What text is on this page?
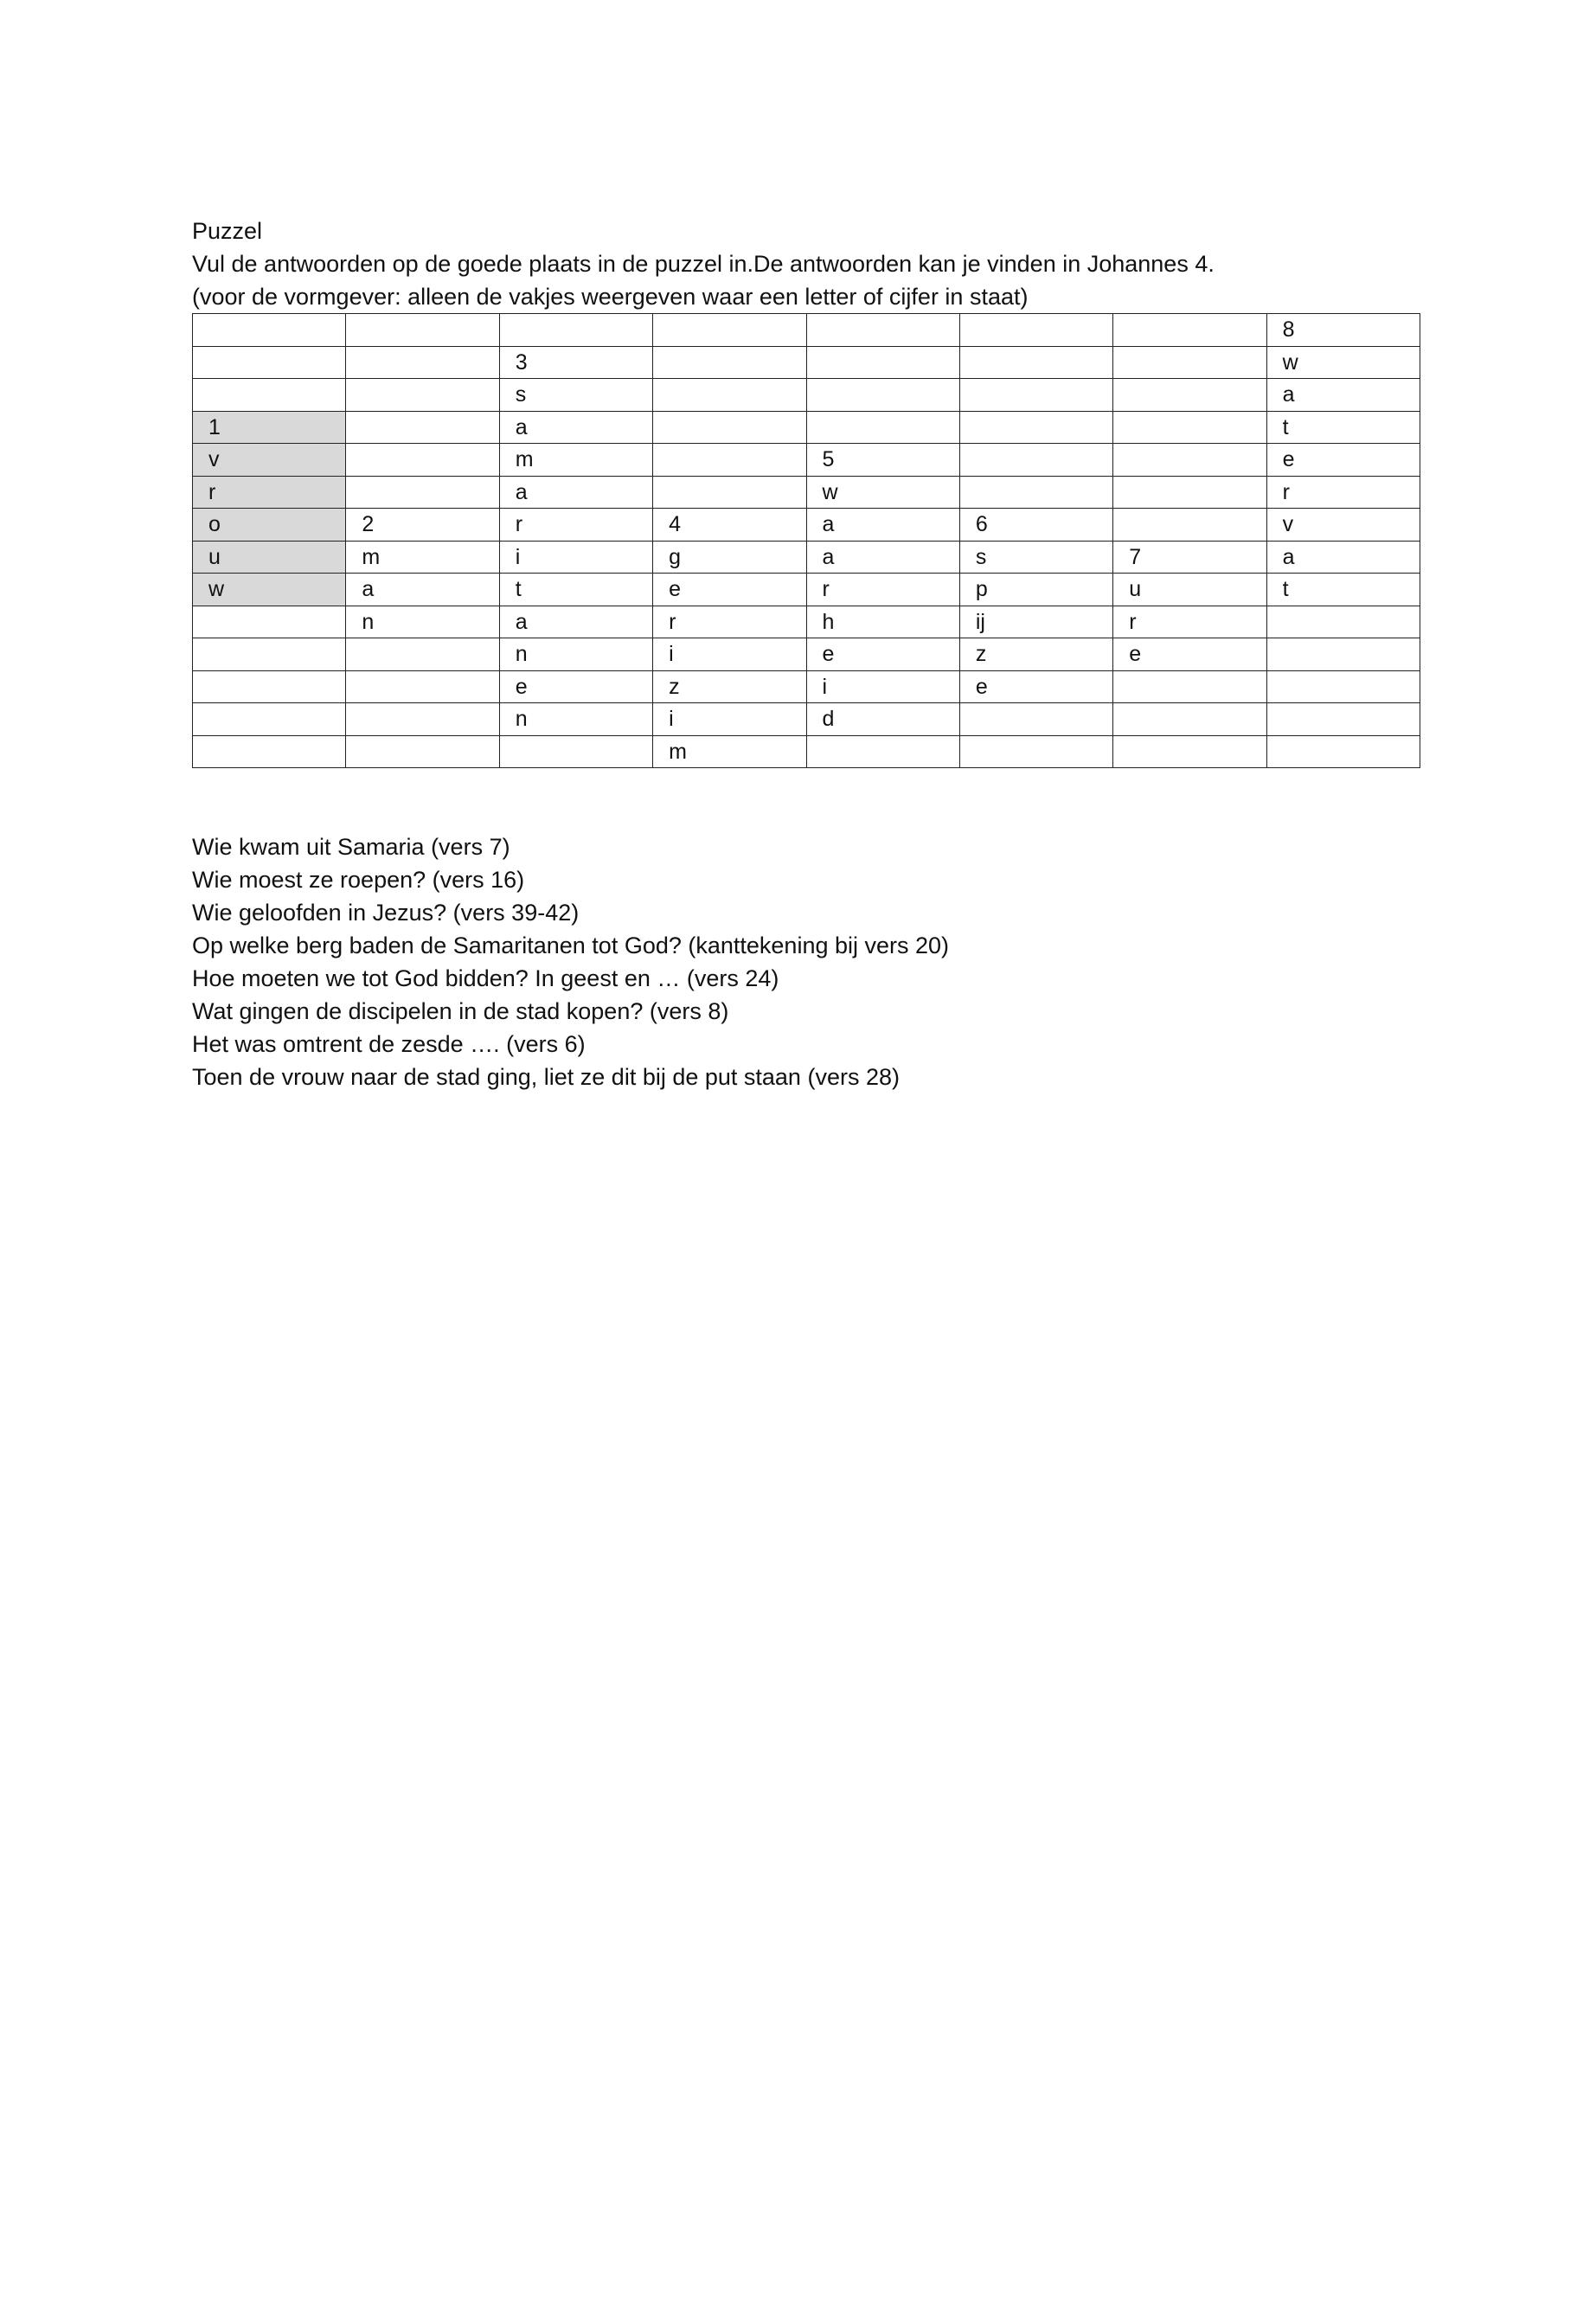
Puzzel
Vul de antwoorden op de goede plaats in de puzzel in.De antwoorden kan je vinden in Johannes 4.
(voor de vormgever: alleen de vakjes weergeven waar een letter of cijfer in staat)
							8
		3					w
		s					a
1		a					t
v		m		5			e
r		a		w			r
o	2	r	4	a	6		v
u	m	i	g	a	s	7	a
w	a	t	e	r	p	u	t
	n	a	r	h	ij	r	
		n	i	e	z	e	
		e	z	i	e		
		n	i	d			
			m				
Wie kwam uit Samaria (vers 7)
Wie moest ze roepen? (vers 16)
Wie geloofden in Jezus? (vers 39-42)
Op welke berg baden de Samaritanen tot God? (kanttekening bij vers 20)
Hoe moeten we tot God bidden? In geest en … (vers 24)
Wat gingen de discipelen in de stad kopen? (vers 8)
Het was omtrent de zesde …. (vers 6)
Toen de vrouw naar de stad ging, liet ze dit bij de put staan (vers 28)
